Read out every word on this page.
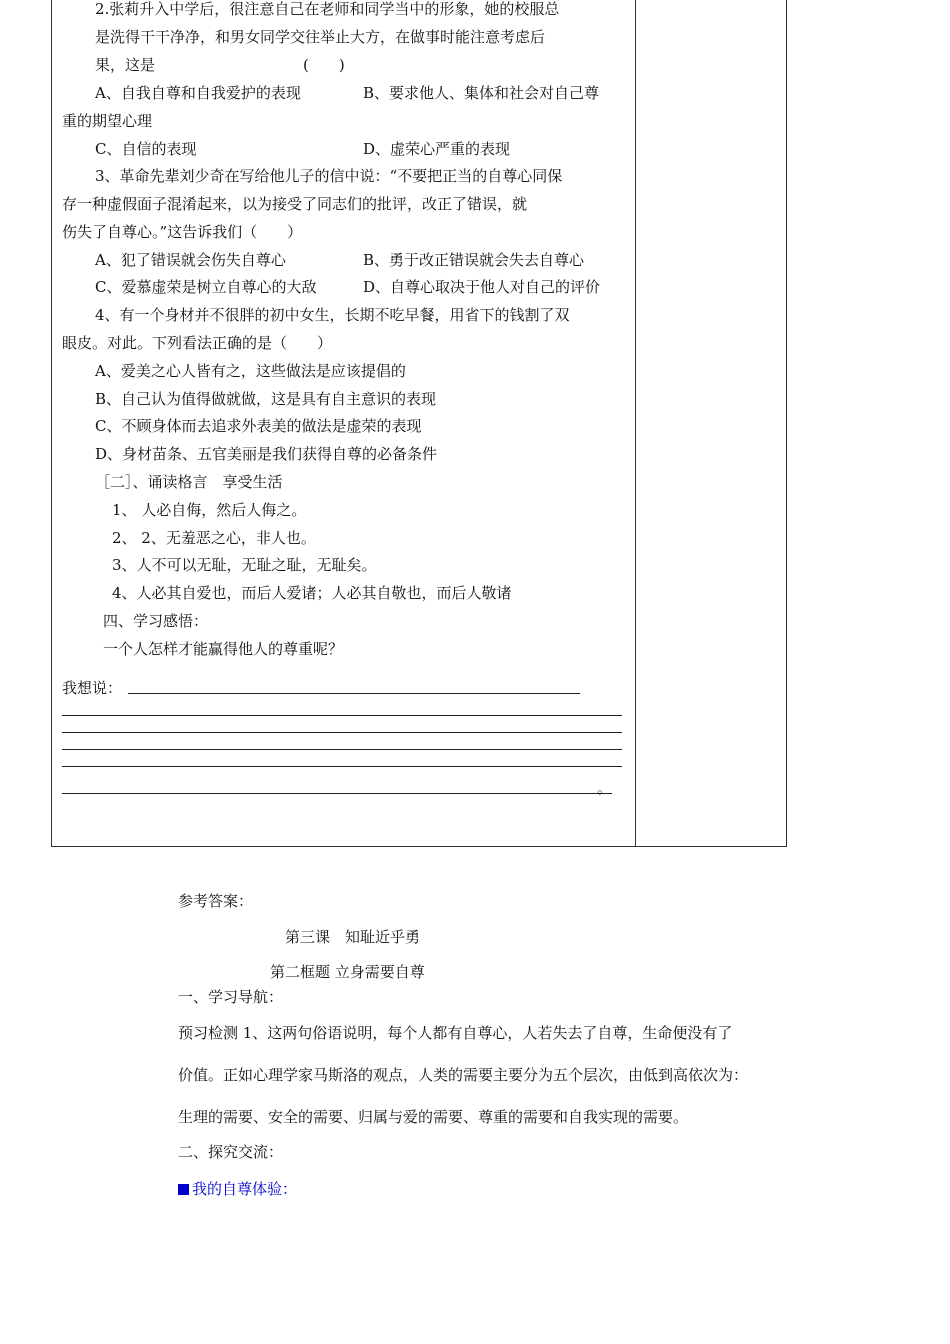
2.张莉升入中学后，很注意自己在老师和同学当中的形象，她的校服总
是洗得干干净净，和男女同学交往举止大方，在做事时能注意考虑后
果，这是	(　　)
A、自我自尊和自我爱护的表现	B、要求他人、集体和社会对自己尊
重的期望心理
C、自信的表现	D、虚荣心严重的表现
3、革命先辈刘少奇在写给他儿子的信中说：“不要把正当的自尊心同保
存一种虚假面子混淆起来，以为接受了同志们的批评，改正了错误，就
伤失了自尊心。”这告诉我们（　　）
A、犯了错误就会伤失自尊心	B、勇于改正错误就会失去自尊心
C、爱慕虚荣是树立自尊心的大敌	D、自尊心取决于他人对自己的评价
4、有一个身材并不很胖的初中女生，长期不吃早餐，用省下的钱割了双
眼皮。对此。下列看法正确的是（　　）
A、爱美之心人皆有之，这些做法是应该提倡的
B、自己认为值得做就做，这是具有自主意识的表现
C、不顾身体而去追求外表美的做法是虚荣的表现
D、身材苗条、五官美丽是我们获得自尊的必备条件
［二］、诵读格言　享受生活
1、 人必自侮，然后人侮之。
2、 2、无羞恶之心，非人也。
3、人不可以无耻，无耻之耻，无耻矣。
4、人必其自爱也，而后人爱诸；人必其自敬也，而后人敬诸
四、学习感悟：
一个人怎样才能赢得他人的尊重呢？
我想说：
。
参考答案：
第三课　知耻近乎勇
第二框题 立身需要自尊
一、学习导航：
预习检测 1、这两句俗语说明，每个人都有自尊心，人若失去了自尊，生命便没有了
价值。正如心理学家马斯洛的观点，人类的需要主要分为五个层次，由低到高依次为：
生理的需要、安全的需要、归属与爱的需要、尊重的需要和自我实现的需要。
二、探究交流：
我的自尊体验：
